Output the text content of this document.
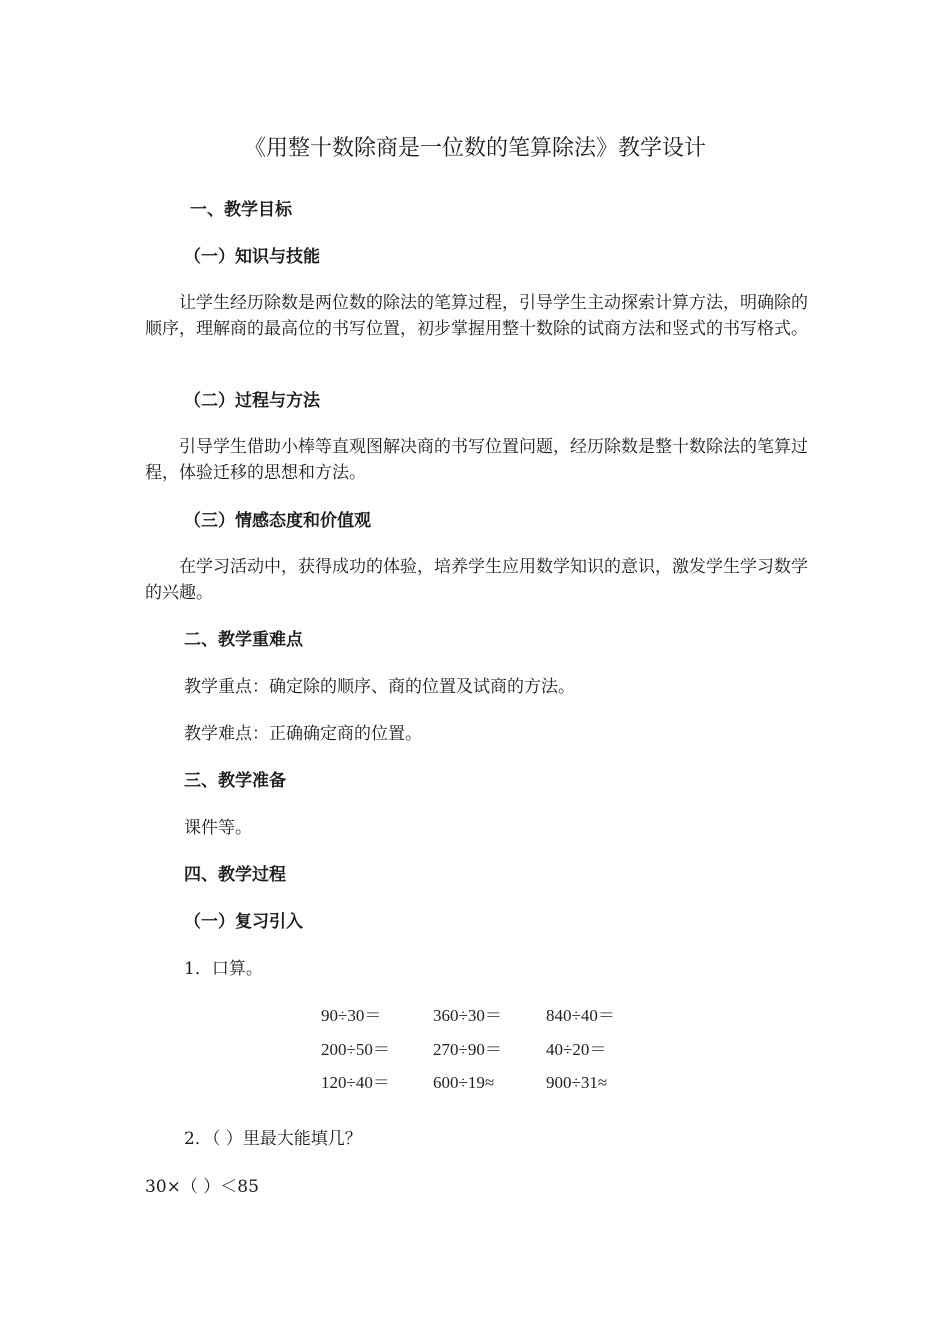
《用整十数除商是一位数的笔算除法》教学设计
一、教学目标
（一）知识与技能
让学生经历除数是两位数的除法的笔算过程，引导学生主动探索计算方法，明确除的顺序，理解商的最高位的书写位置，初步掌握用整十数除的试商方法和竖式的书写格式。
（二）过程与方法
引导学生借助小棒等直观图解决商的书写位置问题，经历除数是整十数除法的笔算过程，体验迁移的思想和方法。
（三）情感态度和价值观
在学习活动中，获得成功的体验，培养学生应用数学知识的意识，激发学生学习数学的兴趣。
二、教学重难点
教学重点：确定除的顺序、商的位置及试商的方法。
教学难点：正确确定商的位置。
三、教学准备
课件等。
四、教学过程
（一）复习引入
1．口算。
90÷30＝	360÷30＝	840÷40＝
200÷50＝	270÷90＝	40÷20＝
120÷40＝	600÷19≈	900÷31≈
2．（ ）里最大能填几？
30×（ ）＜85
